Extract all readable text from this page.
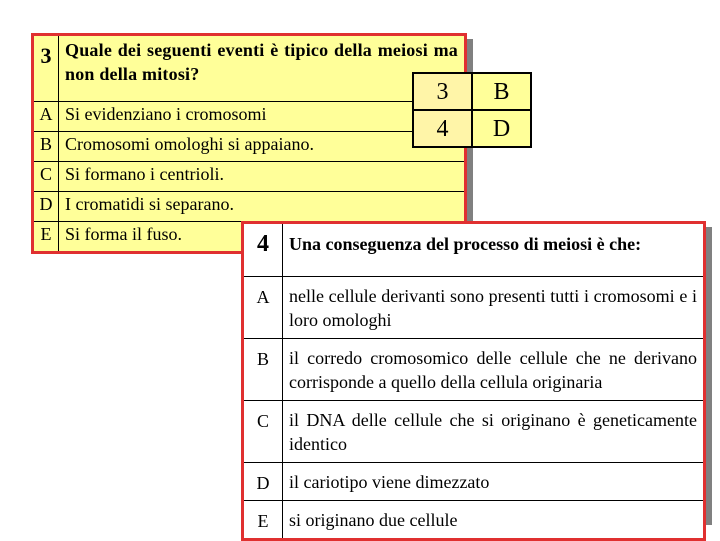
3	Quale dei seguenti eventi è tipico della meiosi ma non della mitosi?
A	Si evidenziano i cromosomi
B	Cromosomi omologhi si appaiano.
C	Si formano i centrioli.
D	I cromatidi si separano.
E	Si forma il fuso.
3	B
4	D
4	Una conseguenza del processo di meiosi è che:
A	nelle cellule derivanti sono presenti tutti i cromosomi e i loro omologhi
B	il corredo cromosomico delle cellule che ne derivano corrisponde a quello della cellula originaria
C	il DNA delle cellule che si originano è geneticamente identico
D	il cariotipo viene dimezzato
E	si originano due cellule
